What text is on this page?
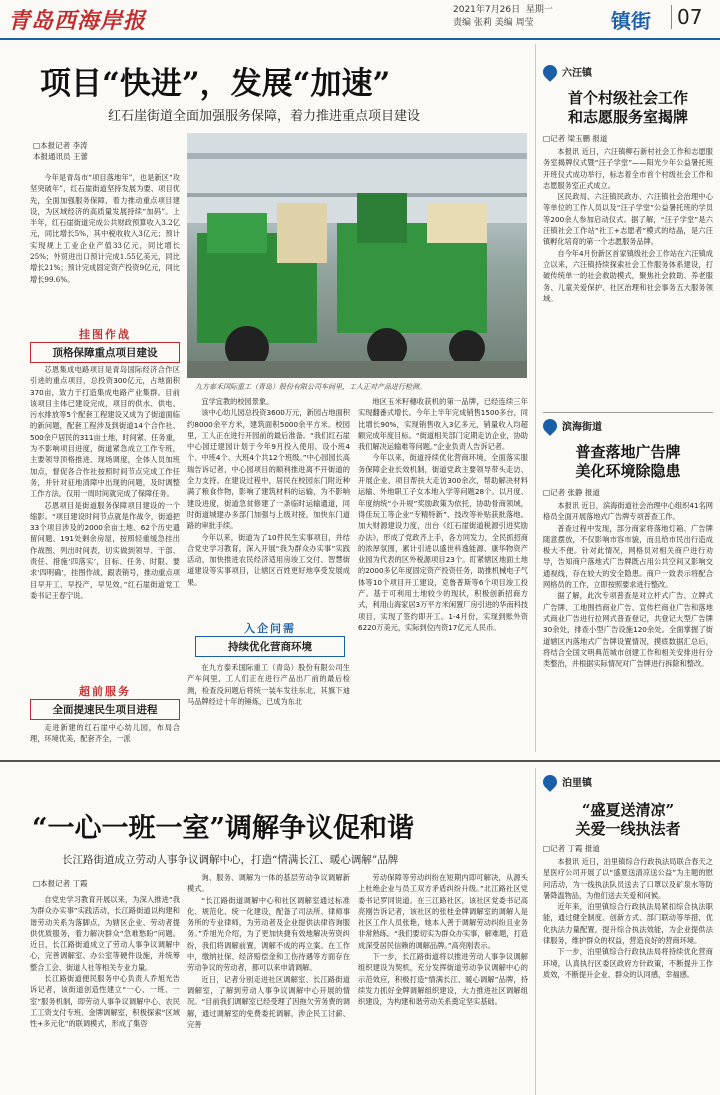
青岛西海岸报	2021年7月26日 星期一
责编 张莉 美编 周莹	镇街	07
项目“快进”，发展“加速”
红石崖街道全面加强服务保障，着力推进重点项目建设
□本报记者 李涛
本报通讯员 王蕾

今年是青岛市“项目落地年”，也是新区“攻坚突破年”，红石崖街道坚持发展为要、项目优先，全面加强服务保障，着力推动重点项目建设，为区域经济的高质量发展持续“加码”。上半年，红石崖街道完成公共财政预算收入3.2亿元，同比增长5%，其中税收收入3亿元；预计实现规上工业企业产值33亿元，同比增长25%；外贸进出口预计完成1.55亿美元，同比增长21%；预计完成固定资产投资9亿元，同比增长99.6%。

挂图作战
顶格保障重点项目建设

芯恩集成电路项目是青岛国际经济合作区引进的重点项目，总投资300亿元，占地面积370亩，致力于打造集成电路产业集群。目前该项目主体已建设完成，项目的供水、供电、污水排放等5个配套工程建设又成为了街道面临的新问题，配套工程涉及到街道14个合作社、500余户居民的311亩土地，时间紧、任务重，为不影响项目进度，街道紧急成立工作专班，主要领导顶格推进、现场调度，全体人员加班加点，督促各合作社按照时间节点完成工作任务，并针对征地清障中出现的问题，及时调整工作方法，仅用一周时间就完成了保障任务。

芯恩项目是街道服务保障项目建设的一个缩影。“项目建设时间节点就是作战令，街道把33个项目涉及的2000余亩土地、62个历史遗留问题、191处剩余房屋，按照轻重缓急挂出作战图、列出时间表，切实做到领导、干部、责任、措施‘四落实’，目标、任务、时限、要求‘四明确’，挂图作战、跟表销号，推动重点项目早开工、早投产，早见效，”红石崖街道党工委书记王春宁说。

超前服务
全面提速民生项目进程

走进新建的红石崖中心幼儿园，布局合理，环境优美，配套齐全，一派

九方泰禾国际重工（青岛）股份有限公司车间里，工人正对产品进行检测。

宜学宜教的校园景象。

该中心幼儿园总投资3600万元，新园占地面积约8000余平方米，建筑面积5000余平方米。校园里，工人正在进行开园前的最后准备。“我们红石崖中心园迁建园计划于今年9月投入使用，设小班4个、中班4个、大班4个共12个班级。”中心园园长高瑞告诉记者，中心园项目的顺利推进离不开街道的全力支持。在建设过程中，居民在校园东门附近种满了粮食作物，影响了建筑材料的运输，为不影响建设进度，街道急贫修建了一条临时运输通道，同时街道城建办多部门加强与上级对接，加快东门道路的审批手续。

今年以来，街道为了10件民生实事项目，并结合党史学习教育，深入开展“我为群众办实事”实践活动，加快推进农民经济适用房竣工交付、智慧街道建设等实事项目，让辖区百姓更好地享受发展成果。

入企问需
持续优化营商环境

在九方泰禾国际重工（青岛）股份有限公司生产车间里，工人们正在进行产品出厂前的最后检测，检查没问题后将统一装车发往东北，其旗下迪马品牌经过十年的锤炼，已成为东北

地区玉米籽穗收获机的第一品牌，已经连续三年实现翻番式增长。今年上半年完成销售1500多台，同比增长90%，实现销售收入3亿多元，销量收入均超额完成年度目标。“街道相关部门定期走访企业，协助我们解决运输难等问题。”企业负责人告诉记者。

今年以来，街道持续优化营商环境，全面落实服务保障企业长效机制，街道党政主要领导带头走访、开展企业、项目帮扶大走访300余次，帮助解决材料运输、外地职工子女本地入学等问题28个。以月度、年度纳统“小升规”奖励政策为依托，协助骨商领域，得佳玩工等企业“专精特新”、技改等补贴获批落地。加大财源建设力度，出台《红石崖街道税源引进奖励办法》，形成了党政齐上手，各方同发力，全民抓招商的浓厚氛围，累计引进以盛世科逸能源、康华物资产业园为代表的区外税源项目23个。盯紧辖区地面土地的2000多亿年度固定资产投资任务，助推机械电子气体等10个项目开工建设，克鲁普斯等6个项目竣工投产。基于可利用土地较少的现状，积极创新招商方式，利用山海家居3万平方米闲置厂房引进的华南科技项目，实现了签约即开工。1-4月份，实现到账外资6220万美元，实际到位内资17亿元人民币。

六汪镇
首个村级社会工作
和志愿服务室揭牌
□记者 梁玉鹏 报道

本报讯 近日，六汪镇柳石新村社会工作和志愿服务室揭牌仪式暨“汪子学堂”——阳光少年公益暑托班开班仪式成功举行，标志着全市首个村级社会工作和志愿服务室正式成立。

区民政局、六汪镇民政办、六汪镇社会治理中心等单位的工作人员以及“汪子学堂”公益暑托班的学员等200余人参加启动仪式。据了解，“汪子学堂”是六汪镇社会工作站“社工+志愿者”模式的结晶，是六汪镇孵化培育的第一个志愿服务品牌。

自今年4月份新区首家镇级社会工作站在六汪镇成立以来，六汪镇持续探索社会工作服务体系建设，打破传统单一的社会救助模式，聚焦社会救助、养老服务、儿童关爱保护、社区治理和社会事务五大服务领域。

滨海街道
普查落地广告牌
美化环境除隐患
□记者 张静 报道

本报讯 近日，滨海街道社会治理中心组织41名网格员全面开展落地式广告牌专项普查工作。

普查过程中发现，部分商家将落地灯箱、广告牌随意摆放，不仅影响市容市貌，而且给市民出行造成极大不便。针对此情况，网格员对相关商户进行劝导，告知商户落地式广告牌既占用公共空间又影响交通视线，存在较大的安全隐患。商户一致表示将配合网格员的工作，立即按照要求进行整改。

据了解，此次专项普查是对立杆式广告、立牌式广告牌、工地围挡商业广告、宣传栏商业广告和落地式商业广告进行拉网式普查登记，共登记大型广告牌30余处，排查小型广告设施120余处。全面掌握了街道辖区内落地式广告牌设置情况，摸底数据汇总后，将结合全国文明典范城市创建工作和相关安排进行分类整治，并根据实际情况对广告牌进行拆除和整改。

“一心一班一室”调解争议促和谐
长江路街道成立劳动人事争议调解中心，打造“情满长江、暖心调解”品牌
□本报记者 丁霞

自党史学习教育开展以来，为深入推进“我为群众办实事”实践活动，长江路街道以构建和谐劳动关系为落脚点，为辖区企业、劳动者提供优质服务，着力解决群众“急难愁盼”问题。近日，长江路街道成立了劳动人事争议调解中心，完善调解室、办公室等硬件设施，并统筹整合工会、街道人社等相关专业力量。

长江路街道便民服务中心负责人乔旭光告诉记者，该街道创造性建立“一心、一班、一室”服务机制，即劳动人事争议调解中心、农民工工资支付专班、金牌调解室，积极探索“区域性+多元化”的联调模式，形成了集咨

询、服务、调解为一体的基层劳动争议调解新模式。

“长江路街道调解中心和社区调解室通过标准化、规范化、统一化建设，配备了司法所、律师事务所的专业律师，为劳动者及企业提供法律咨询服务。”乔旭光介绍，为了更加快捷有效地解决劳资纠纷，我们将调解前置，调解不成的再立案。在工作中，缴纳社保、经济赔偿金和工伤待遇等方面存在劳动争议的劳动者，都可以来申请调解。

近日，记者分别走进社区调解室、长江路街道调解室，了解到劳动人事争议调解中心开展的情况。“目前我们调解室已经受理了因拖欠劳务费的调解，通过调解室的免费委托调解，涉企民工讨薪、完善

劳动保障等劳动纠纷在短期内即可解决，从源头上杜绝企业与员工双方矛盾纠纷升级。”北江路社区党委书记罗同说道。在三江路社区，该社区党委书记高亮刚告诉记者，该社区的张桂金牌调解室的调解人是社区工作人员张艳，她本人善于调解劳动纠纷且业务非常熟练。“我们要切实为群众办实事，解难题，打造成深受居民信赖的调解品牌。”高亮刚表示。

下一步，长江路街道将以推进劳动人事争议调解组织建设为契机，充分发挥街道劳动争议调解中心的示范效应，积极打造“情满长江、暖心调解”品牌，持续发力抓好金牌调解组织建设，大力推进社区调解组织建设，为构建和谐劳动关系奠定坚实基础。

泊里镇
“盛夏送清凉”
关爱一线执法者
□记者 丁霞 报道

本报讯 近日，泊里镇综合行政执法局联合春天之星医疗公司开展了以“盛夏送清凉送公益”为主题的慰问活动，为一线执法队员送去了口罩以及矿泉水等防暑降温物品，为他们送去关爱和问候。

近年来，泊里镇综合行政执法局紧扣综合执法职能，通过健全制度、创新方式、部门联动等举措，优化执法力量配置，提升综合执法效能，为企业提供法律服务，维护群众的权益，营造良好的营商环境。

下一步，泊里镇综合行政执法局将持续优化营商环境，认真执行区委区政府方针政策，不断提升工作质效，不断提升企业、群众的认同感，幸福感。
